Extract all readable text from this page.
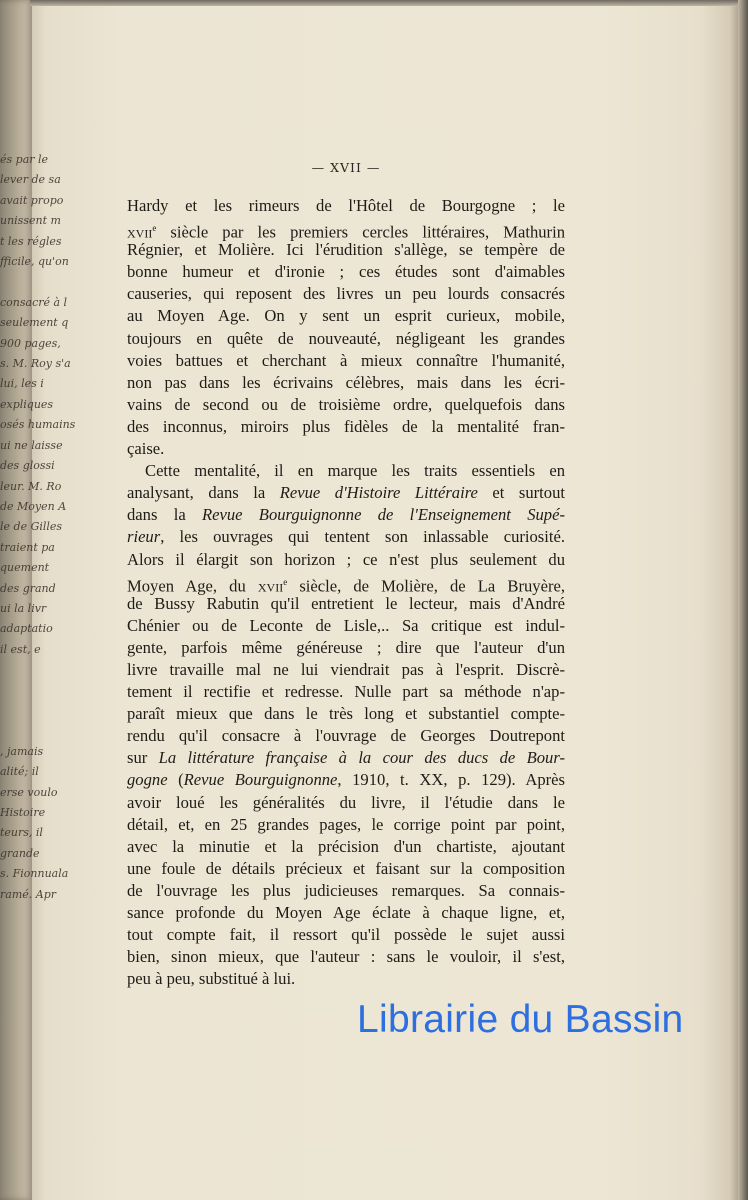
és par le
lever de sa
avait propo
unissent m
t les régles
fficile, qu'on

consacré à l
seulement q
900 pages,
s. M. Roy s'a
lui, les i
expliques
osés humains
ui ne laisse
des glossi
leur. M. Ro
de Moyen A
le de Gilles
traient pa
quement
des grand
ui la livr
adaptatio
il est, e

, jamais
alité; il
erse voulo
Histoire
teurs, il
grande
s. Fionnuala
ramé. Apr
— XVII —
Hardy et les rimeurs de l'Hôtel de Bourgogne ; le
xvii$^e$ siècle par les premiers cercles littéraires, Mathurin
Régnier, et Molière. Ici l'érudition s'allège, se tempère de
bonne humeur et d'ironie ; ces études sont d'aimables
causeries, qui reposent des livres un peu lourds consacrés
au Moyen Age. On y sent un esprit curieux, mobile,
toujours en quête de nouveauté, négligeant les grandes
voies battues et cherchant à mieux connaître l'humanité,
non pas dans les écrivains célèbres, mais dans les écri-
vains de second ou de troisième ordre, quelquefois dans
des inconnus, miroirs plus fidèles de la mentalité fran-
çaise.
Cette mentalité, il en marque les traits essentiels en
analysant, dans la Revue d'Histoire Littéraire et surtout
dans la Revue Bourguignonne de l'Enseignement Supé-
rieur, les ouvrages qui tentent son inlassable curiosité.
Alors il élargit son horizon ; ce n'est plus seulement du
Moyen Age, du xvii$^e$ siècle, de Molière, de La Bruyère,
de Bussy Rabutin qu'il entretient le lecteur, mais d'André
Chénier ou de Leconte de Lisle,.. Sa critique est indul-
gente, parfois même généreuse ; dire que l'auteur d'un
livre travaille mal ne lui viendrait pas à l'esprit. Discrè-
tement il rectifie et redresse. Nulle part sa méthode n'ap-
paraît mieux que dans le très long et substantiel compte-
rendu qu'il consacre à l'ouvrage de Georges Doutrepont
sur La littérature française à la cour des ducs de Bour-
gogne (Revue Bourguignonne, 1910, t. XX, p. 129). Après
avoir loué les généralités du livre, il l'étudie dans le
détail, et, en 25 grandes pages, le corrige point par point,
avec la minutie et la précision d'un chartiste, ajoutant
une foule de détails précieux et faisant sur la composition
de l'ouvrage les plus judicieuses remarques. Sa connais-
sance profonde du Moyen Age éclate à chaque ligne, et,
tout compte fait, il ressort qu'il possède le sujet aussi
bien, sinon mieux, que l'auteur : sans le vouloir, il s'est,
peu à peu, substitué à lui.
Librairie du Bassin
